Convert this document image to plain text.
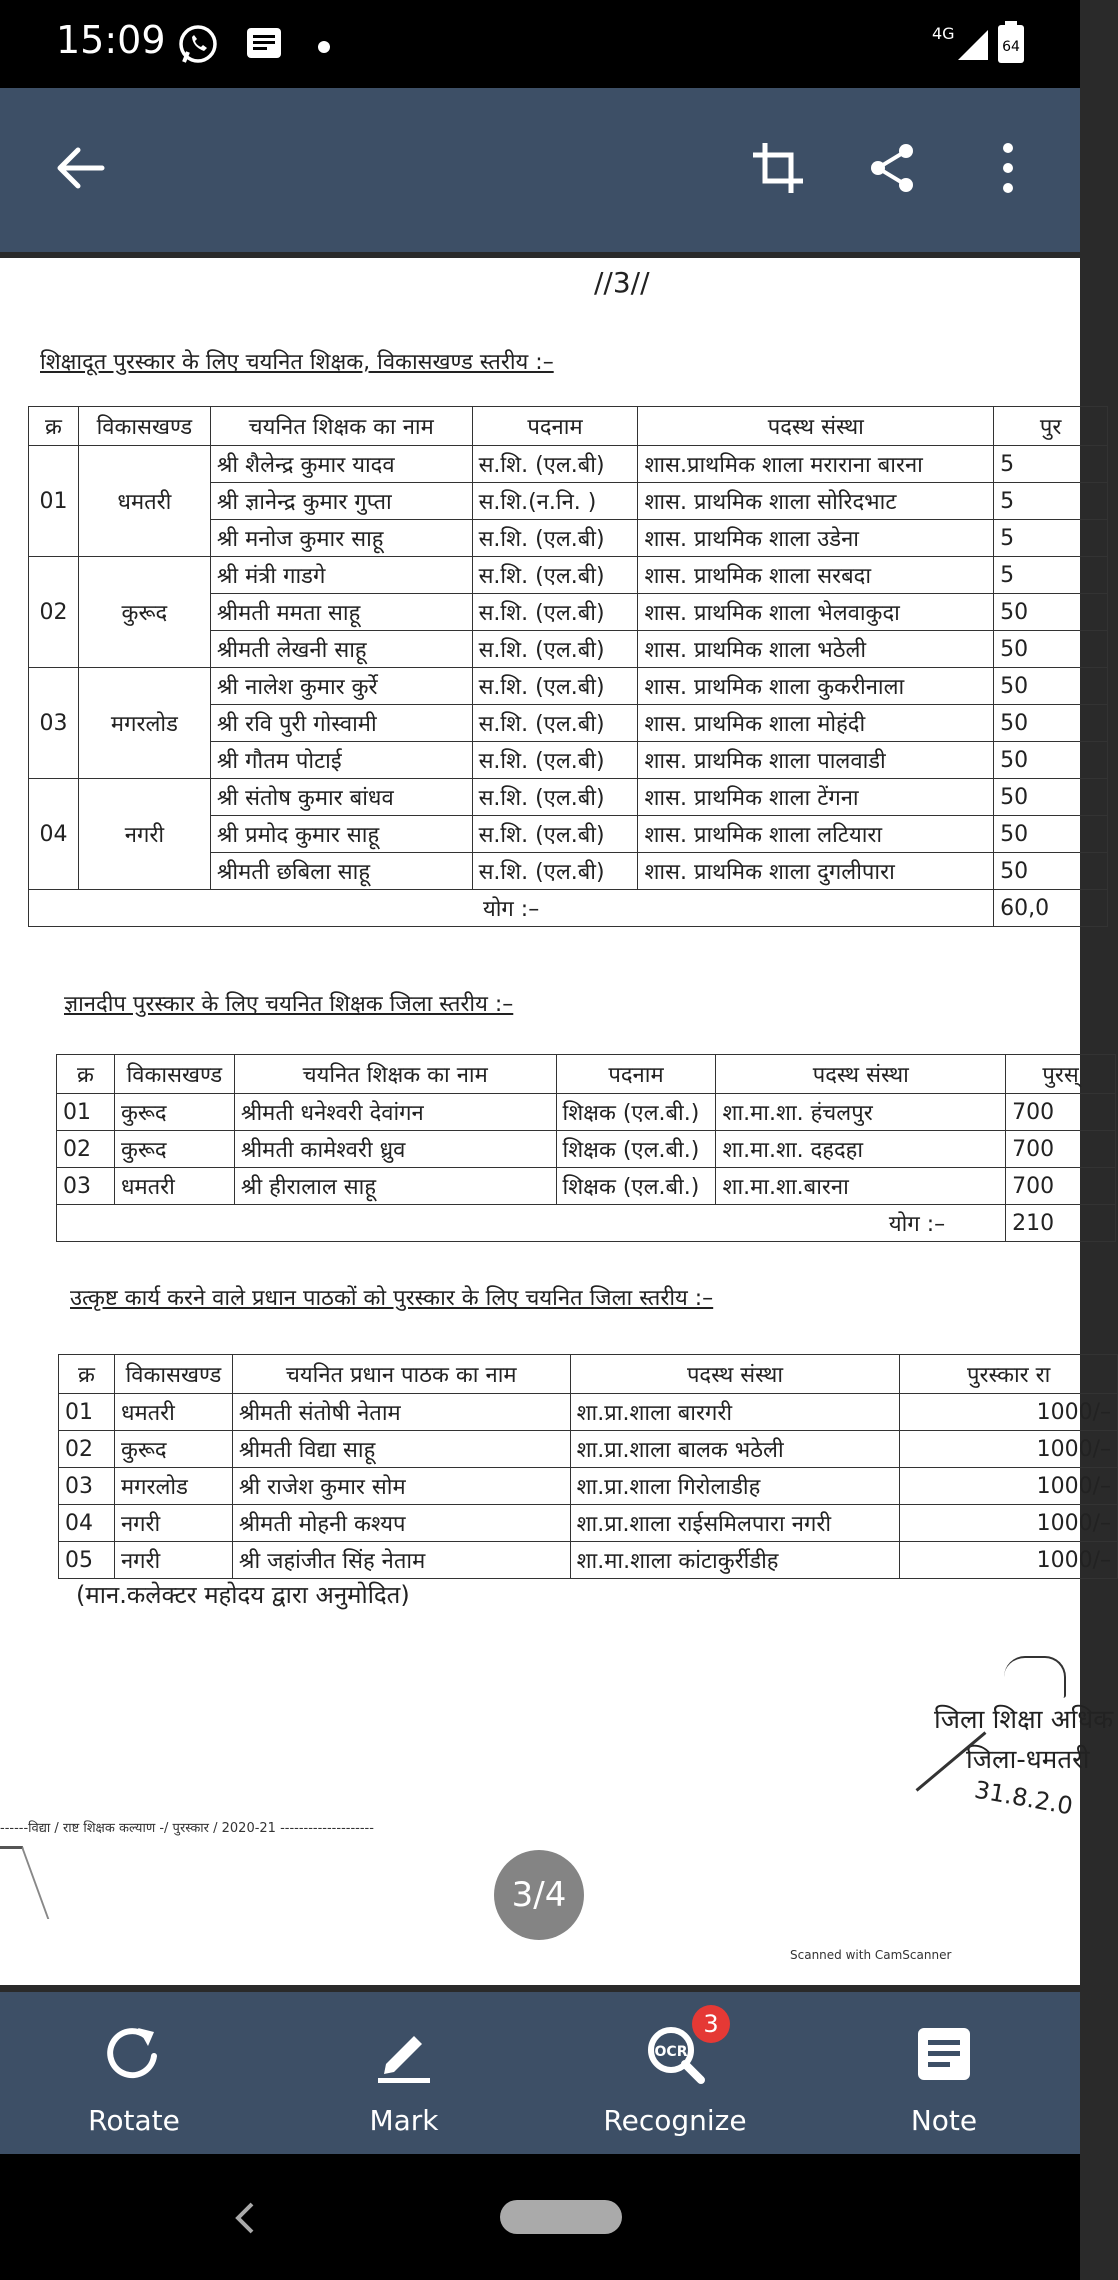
15:09	4G
64
//3//
शिक्षादूत पुरस्कार के लिए चयनित शिक्षक, विकासखण्ड स्तरीय :–
क्र	विकासखण्ड	चयनित शिक्षक का नाम	पदनाम	पदस्थ संस्था	पुर
01	धमतरी	श्री शैलेन्द्र कुमार यादव	स.शि. (एल.बी)	शास.प्राथमिक शाला मराराना बारना	5
		श्री ज्ञानेन्द्र कुमार गुप्ता	स.शि.(न.नि. )	शास. प्राथमिक शाला सोरिदभाट	5
		श्री मनोज कुमार साहू	स.शि. (एल.बी)	शास. प्राथमिक शाला उडेना	5
02	कुरूद	श्री मंत्री गाडगे	स.शि. (एल.बी)	शास. प्राथमिक शाला सरबदा	5
		श्रीमती ममता साहू	स.शि. (एल.बी)	शास. प्राथमिक शाला भेलवाकुदा	50
		श्रीमती लेखनी साहू	स.शि. (एल.बी)	शास. प्राथमिक शाला भठेली	50
03	मगरलोड	श्री नालेश कुमार कुर्रे	स.शि. (एल.बी)	शास. प्राथमिक शाला कुकरीनाला	50
		श्री रवि पुरी गोस्वामी	स.शि. (एल.बी)	शास. प्राथमिक शाला मोहंदी	50
		श्री गौतम पोटाई	स.शि. (एल.बी)	शास. प्राथमिक शाला पालवाडी	50
04	नगरी	श्री संतोष कुमार बांधव	स.शि. (एल.बी)	शास. प्राथमिक शाला टेंगना	50
		श्री प्रमोद कुमार साहू	स.शि. (एल.बी)	शास. प्राथमिक शाला लटियारा	50
		श्रीमती छबिला साहू	स.शि. (एल.बी)	शास. प्राथमिक शाला दुगलीपारा	50
योग :–					60,0
ज्ञानदीप पुरस्कार के लिए चयनित शिक्षक जिला स्तरीय :–
क्र	विकासखण्ड	चयनित शिक्षक का नाम	पदनाम	पदस्थ संस्था	पुरस्
01	कुरूद	श्रीमती धनेश्वरी देवांगन	शिक्षक (एल.बी.)	शा.मा.शा. हंचलपुर	700
02	कुरूद	श्रीमती कामेश्वरी ध्रुव	शिक्षक (एल.बी.)	शा.मा.शा. दहदहा	700
03	धमतरी	श्री हीरालाल साहू	शिक्षक (एल.बी.)	शा.मा.शा.बारना	700
योग :–					210
उत्कृष्ट कार्य करने वाले प्रधान पाठकों को पुरस्कार के लिए चयनित जिला स्तरीय :–
क्र	विकासखण्ड	चयनित प्रधान पाठक का नाम	पदस्थ संस्था	पुरस्कार रा
01	धमतरी	श्रीमती संतोषी नेताम	शा.प्रा.शाला बारगरी	1000/–
02	कुरूद	श्रीमती विद्या साहू	शा.प्रा.शाला बालक भठेली	1000/–
03	मगरलोड	श्री राजेश कुमार सोम	शा.प्रा.शाला गिरोलाडीह	1000/–
04	नगरी	श्रीमती मोहनी कश्यप	शा.प्रा.शाला राईसमिलपारा नगरी	1000/–
05	नगरी	श्री जहांजीत सिंह नेताम	शा.मा.शाला कांटाकुर्रीडीह	1000/–
(मान.कलेक्टर महोदय द्वारा अनुमोदित)
जिला शिक्षा अधिक
जिला-धमतरी
31.8.2.0
------विद्या / राष्ट शिक्षक कल्याण -/ पुरस्कार / 2020-21 --------------------
Scanned with CamScanner
3/4
Rotate	Mark
OCR
Recognize	Note
3
